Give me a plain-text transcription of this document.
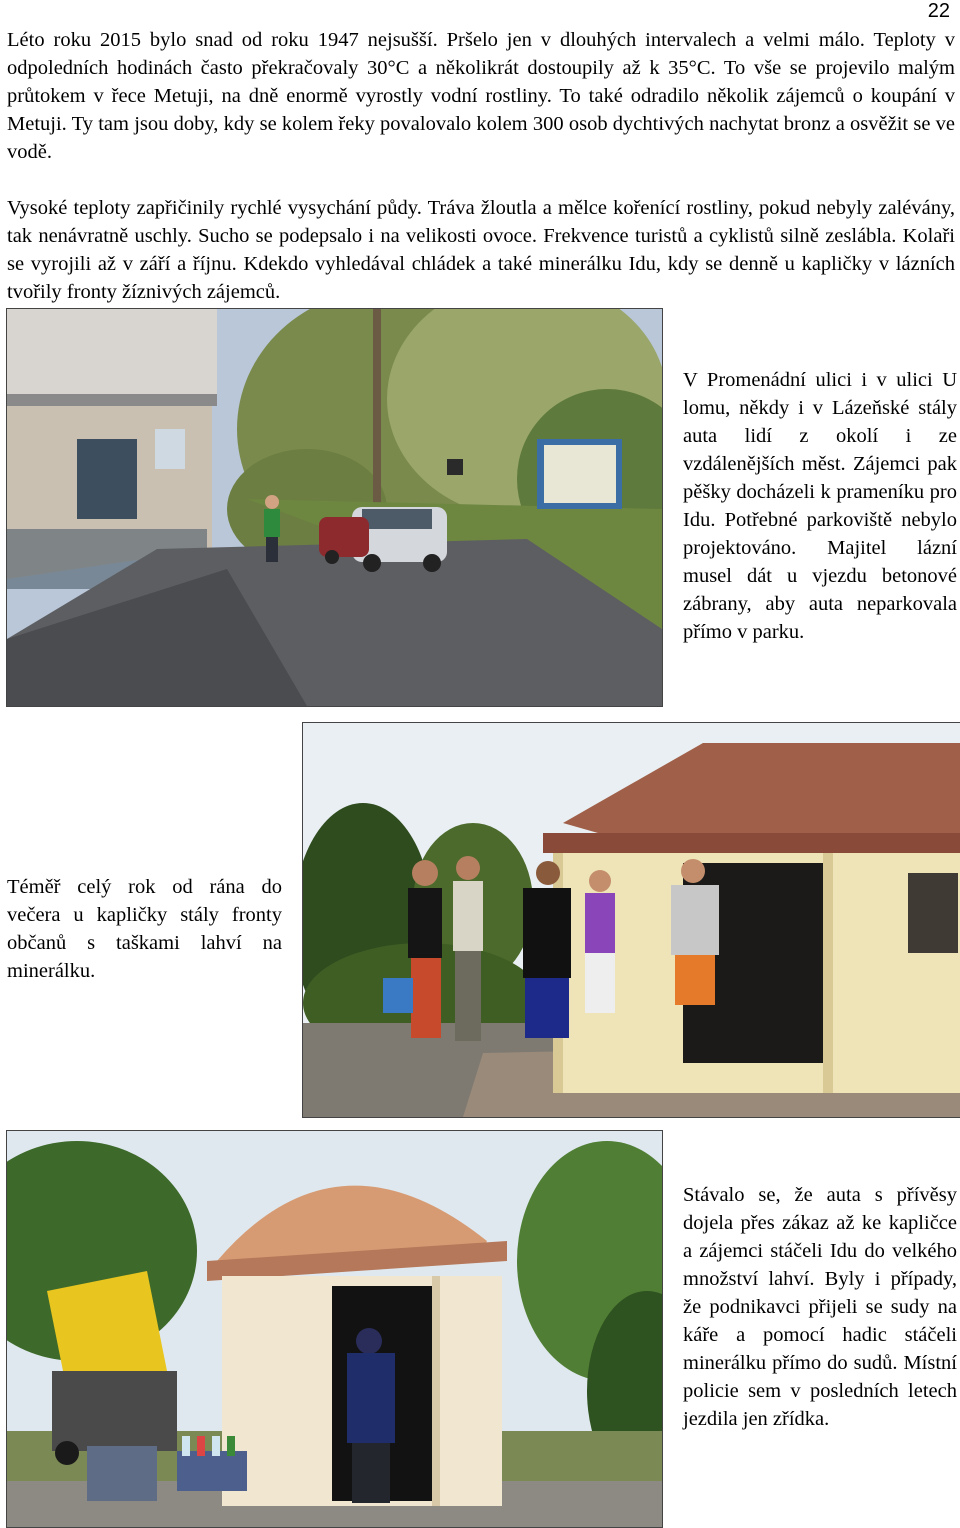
22

Léto roku 2015 bylo snad od roku 1947 nejsušší. Pršelo jen v dlouhých intervalech a velmi málo. Teploty v odpoledních hodinách často překračovaly 30°C a několikrát dostoupily až k 35°C. To vše se projevilo malým průtokem v řece Metuji, na dně enormě vyrostly vodní rostliny. To také odradilo několik zájemců o koupání v Metuji. Ty tam jsou doby, kdy se kolem řeky povalovalo kolem 300 osob dychtivých nachytat bronz a osvěžit se ve vodě.

Vysoké teploty zapřičinily rychlé vysychání půdy. Tráva žloutla a mělce kořenící rostliny, pokud nebyly zalévány, tak nenávratně uschly. Sucho se podepsalo i na velikosti ovoce. Frekvence turistů a cyklistů silně zeslábla. Kolaři se vyrojili až v září a říjnu. Kdekdo vyhledával chládek a také minerálku Idu, kdy se denně u kapličky v lázních tvořily fronty žíznivých zájemců.

V Promenádní ulici i v ulici U lomu, někdy i v Lázeňské stály auta lidí z okolí i ze vzdálenějších měst. Zájemci pak pěšky docházeli k prameníku pro Idu. Potřebné parkoviště nebylo projektováno. Majitel lázní musel dát u vjezdu betonové zábrany, aby auta neparkovala přímo v parku.

Téměř celý rok od rána do večera u kapličky stály fronty občanů s taškami lahví na minerálku.

Stávalo se, že auta s přívěsy dojela přes zákaz až ke kapličce a zájemci stáčeli Idu do velkého množství lahví. Byly i případy, že podnikavci přijeli se sudy na káře a pomocí hadic stáčeli minerálku přímo do sudů. Místní policie sem v posledních letech jezdila jen zřídka.
